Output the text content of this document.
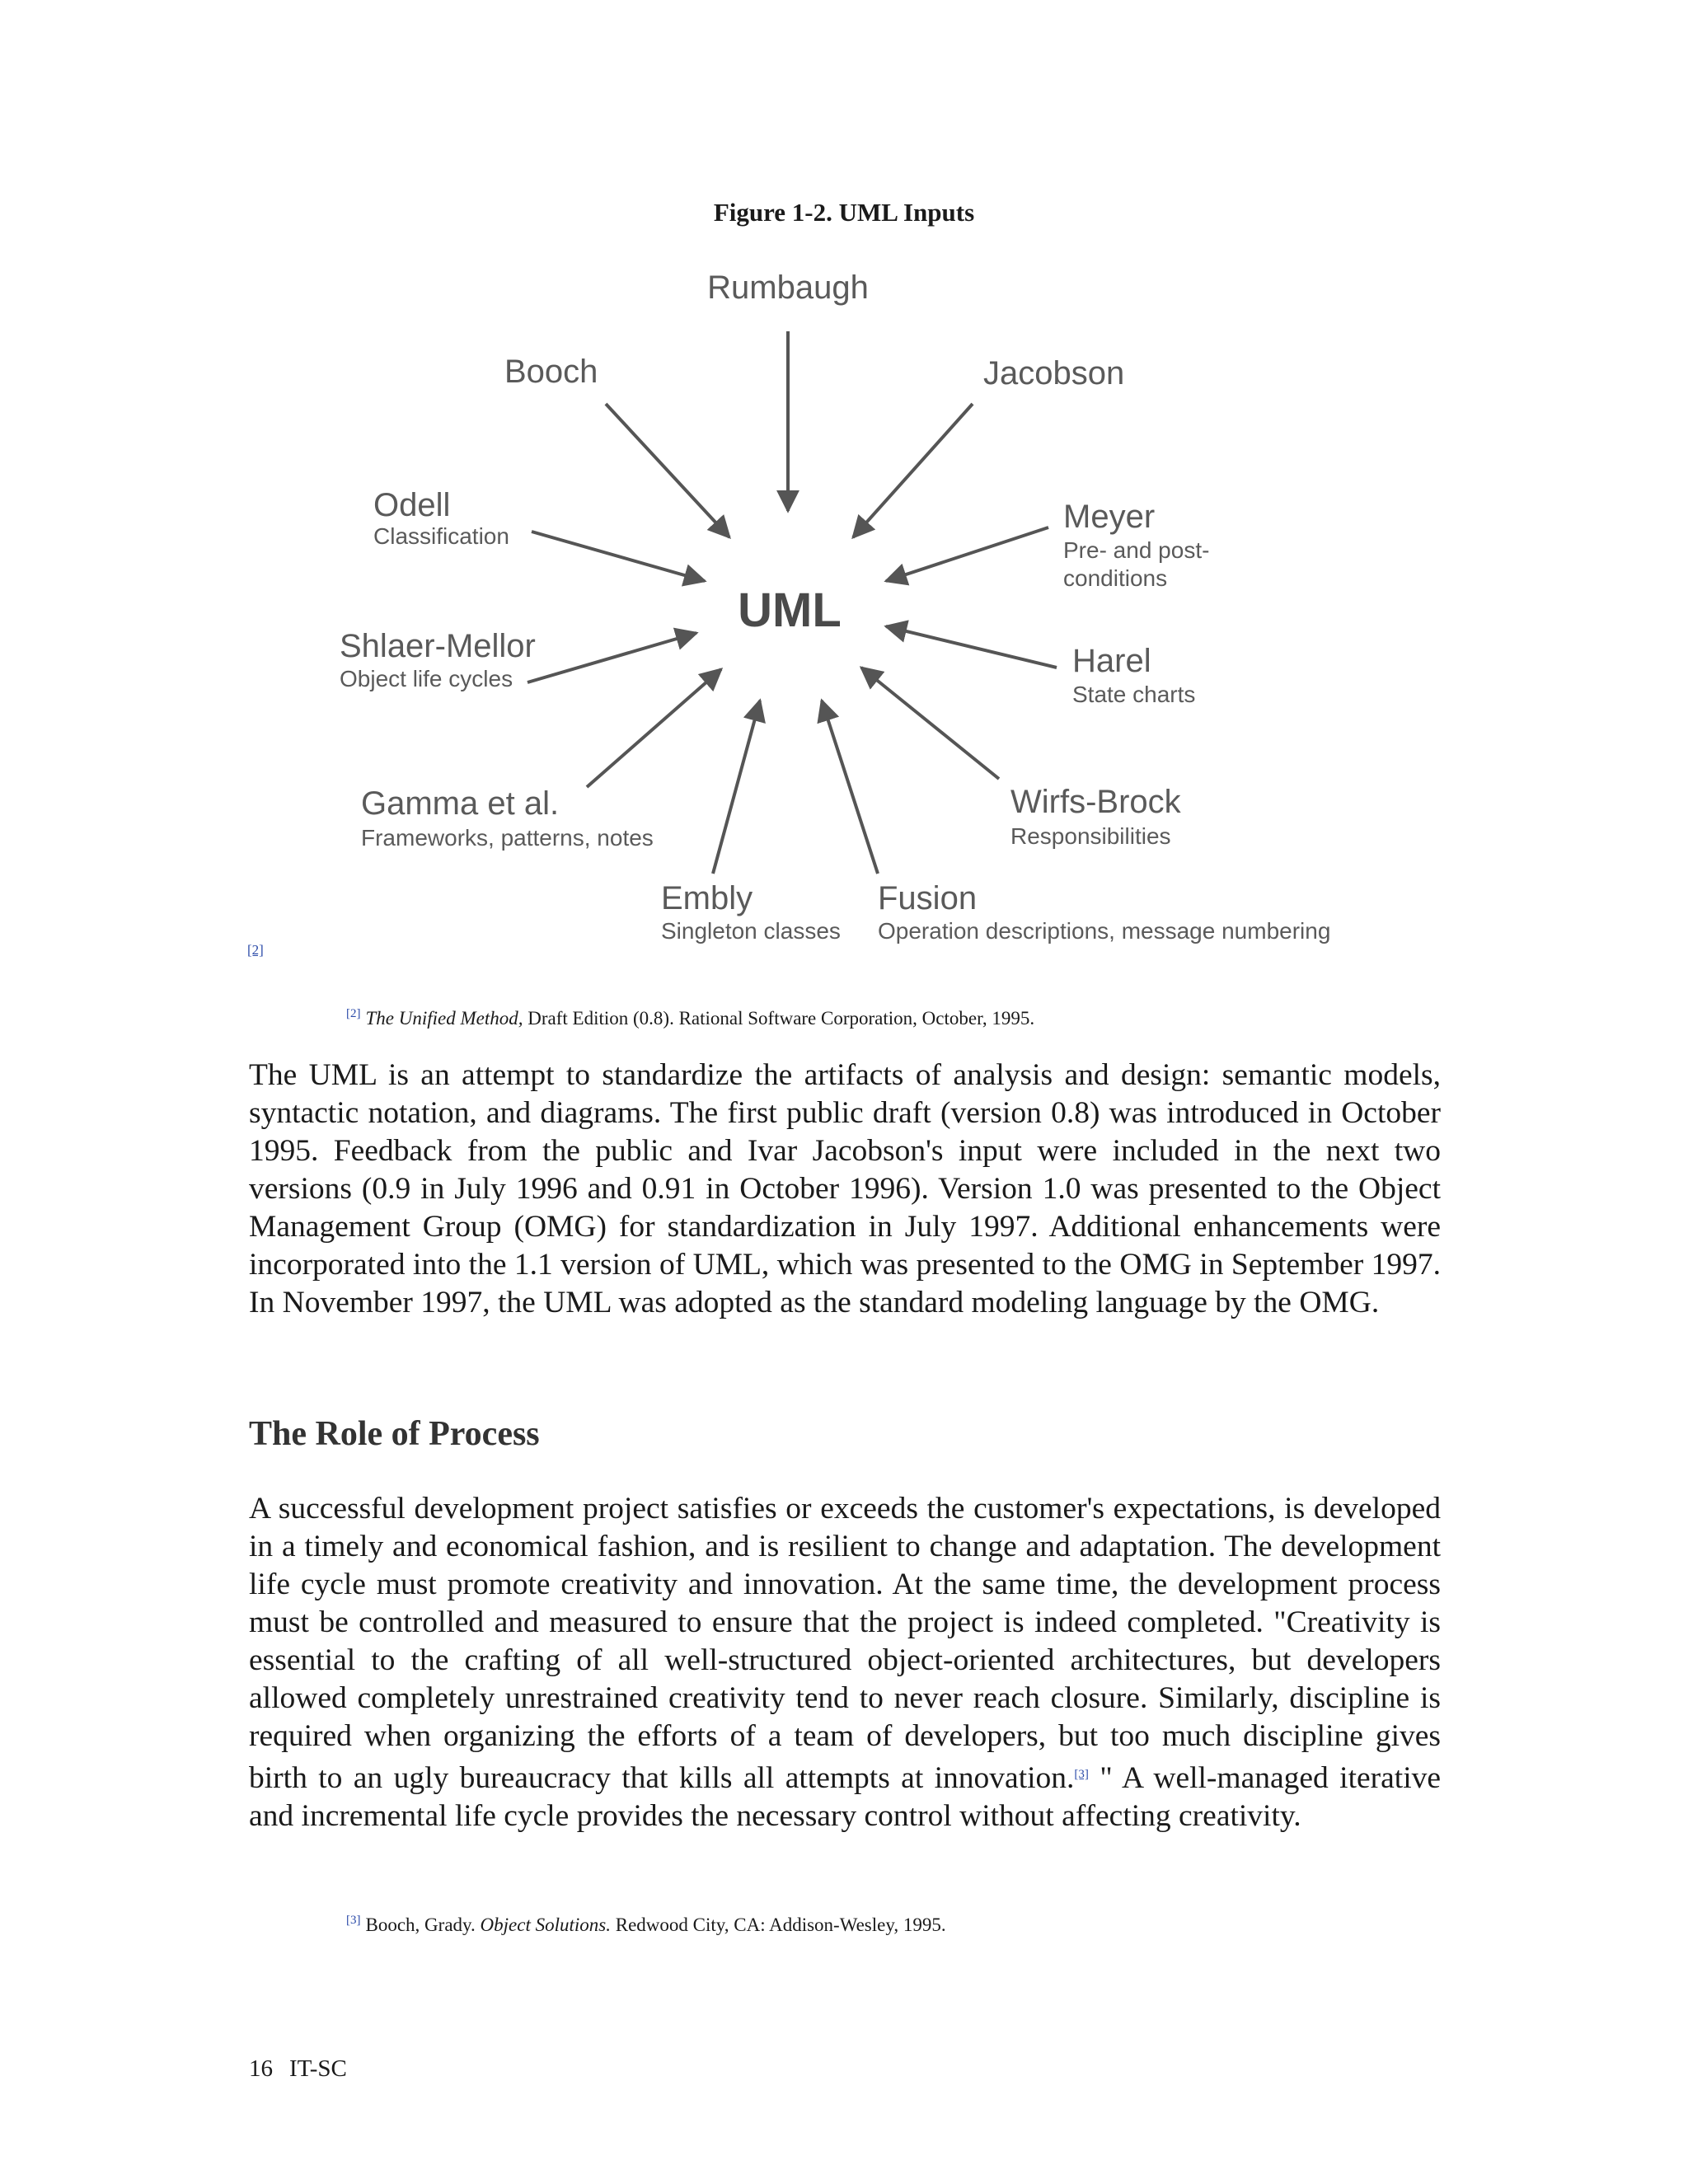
Figure 1-2. UML Inputs
UML
Rumbaugh
Booch	Jacobson
Odell
Classification
Meyer
Pre- and post-
conditions
Shlaer-Mellor
Object life cycles	Harel
State charts
Gamma et al.
Frameworks, patterns, notes
Wirfs-Brock
Responsibilities
Embly
Singleton classes
Fusion
Operation descriptions, message numbering
[2]
[2] The Unified Method, Draft Edition (0.8). Rational Software Corporation, October, 1995.

The UML is an attempt to standardize the artifacts of analysis and design: semantic models, syntactic notation, and diagrams. The first public draft (version 0.8) was introduced in October 1995. Feedback from the public and Ivar Jacobson's input were included in the next two versions (0.9 in July 1996 and 0.91 in October 1996). Version 1.0 was presented to the Object Management Group (OMG) for standardization in July 1997. Additional enhancements were incorporated into the 1.1 version of UML, which was presented to the OMG in September 1997. In November 1997, the UML was adopted as the standard modeling language by the OMG.

The Role of Process

A successful development project satisfies or exceeds the customer's expectations, is developed in a timely and economical fashion, and is resilient to change and adaptation. The development life cycle must promote creativity and innovation. At the same time, the development process must be controlled and measured to ensure that the project is indeed completed. "Creativity is essential to the crafting of all well-structured object-oriented architectures, but developers allowed completely unrestrained creativity tend to never reach closure. Similarly, discipline is required when organizing the efforts of a team of developers, but too much discipline gives birth to an ugly bureaucracy that kills all attempts at innovation.[3] " A well-managed iterative and incremental life cycle provides the necessary control without affecting creativity.

[3] Booch, Grady. Object Solutions. Redwood City, CA: Addison-Wesley, 1995.
16 IT-SC
